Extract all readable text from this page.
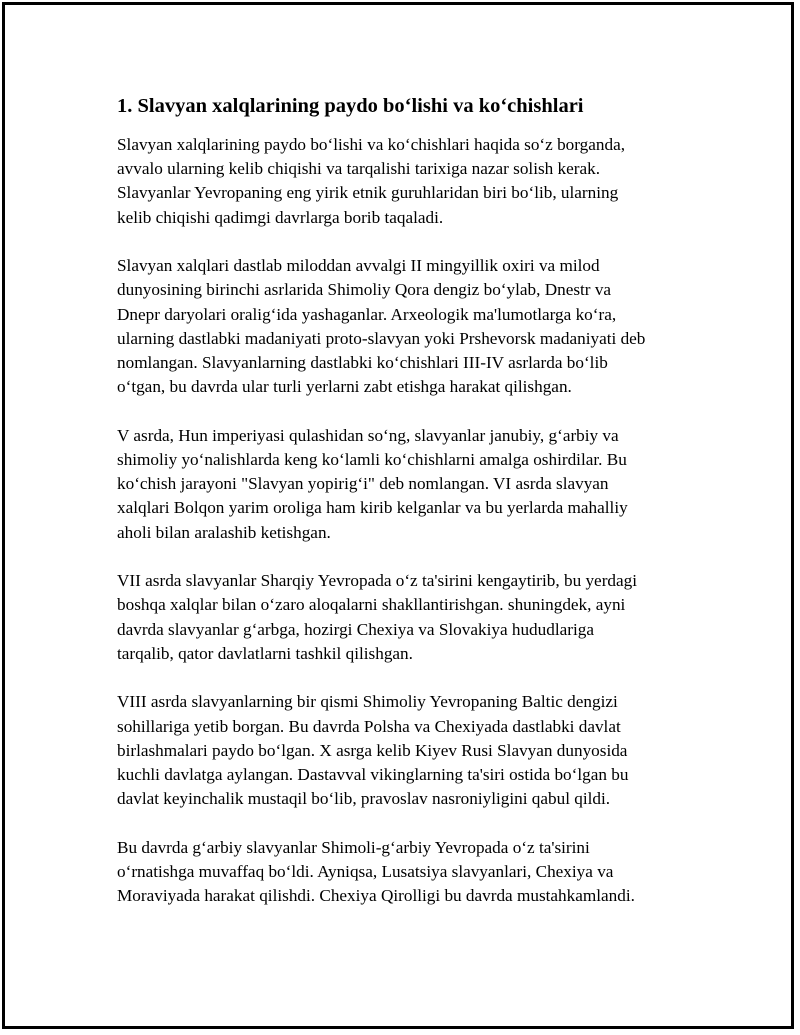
1. Slavyan xalqlarining paydo boʻlishi va koʻchishlari

Slavyan xalqlarining paydo boʻlishi va koʻchishlari haqida soʻz borganda,
avvalo ularning kelib chiqishi va tarqalishi tarixiga nazar solish kerak.
Slavyanlar Yevropaning eng yirik etnik guruhlaridan biri boʻlib, ularning
kelib chiqishi qadimgi davrlarga borib taqaladi.

Slavyan xalqlari dastlab miloddan avvalgi II mingyillik oxiri va milod
dunyosining birinchi asrlarida Shimoliy Qora dengiz boʻylab, Dnestr va
Dnepr daryolari oraligʻida yashaganlar. Arxeologik ma'lumotlarga koʻra,
ularning dastlabki madaniyati proto-slavyan yoki Prshevorsk madaniyati deb
nomlangan. Slavyanlarning dastlabki koʻchishlari III-IV asrlarda boʻlib
oʻtgan, bu davrda ular turli yerlarni zabt etishga harakat qilishgan.

V asrda, Hun imperiyasi qulashidan soʻng, slavyanlar janubiy, gʻarbiy va
shimoliy yoʻnalishlarda keng koʻlamli koʻchishlarni amalga oshirdilar. Bu
koʻchish jarayoni "Slavyan yopirigʻi" deb nomlangan. VI asrda slavyan
xalqlari Bolqon yarim oroliga ham kirib kelganlar va bu yerlarda mahalliy
aholi bilan aralashib ketishgan.

VII asrda slavyanlar Sharqiy Yevropada oʻz ta'sirini kengaytirib, bu yerdagi
boshqa xalqlar bilan oʻzaro aloqalarni shakllantirishgan. shuningdek, ayni
davrda slavyanlar gʻarbga, hozirgi Chexiya va Slovakiya hududlariga
tarqalib, qator davlatlarni tashkil qilishgan.

VIII asrda slavyanlarning bir qismi Shimoliy Yevropaning Baltic dengizi
sohillariga yetib borgan. Bu davrda Polsha va Chexiyada dastlabki davlat
birlashmalari paydo boʻlgan. X asrga kelib Kiyev Rusi Slavyan dunyosida
kuchli davlatga aylangan. Dastavval vikinglarning ta'siri ostida boʻlgan bu
davlat keyinchalik mustaqil boʻlib, pravoslav nasroniyligini qabul qildi.

Bu davrda gʻarbiy slavyanlar Shimoli-gʻarbiy Yevropada oʻz ta'sirini
oʻrnatishga muvaffaq boʻldi. Ayniqsa, Lusatsiya slavyanlari, Chexiya va
Moraviyada harakat qilishdi. Chexiya Qirolligi bu davrda mustahkamlandi.
